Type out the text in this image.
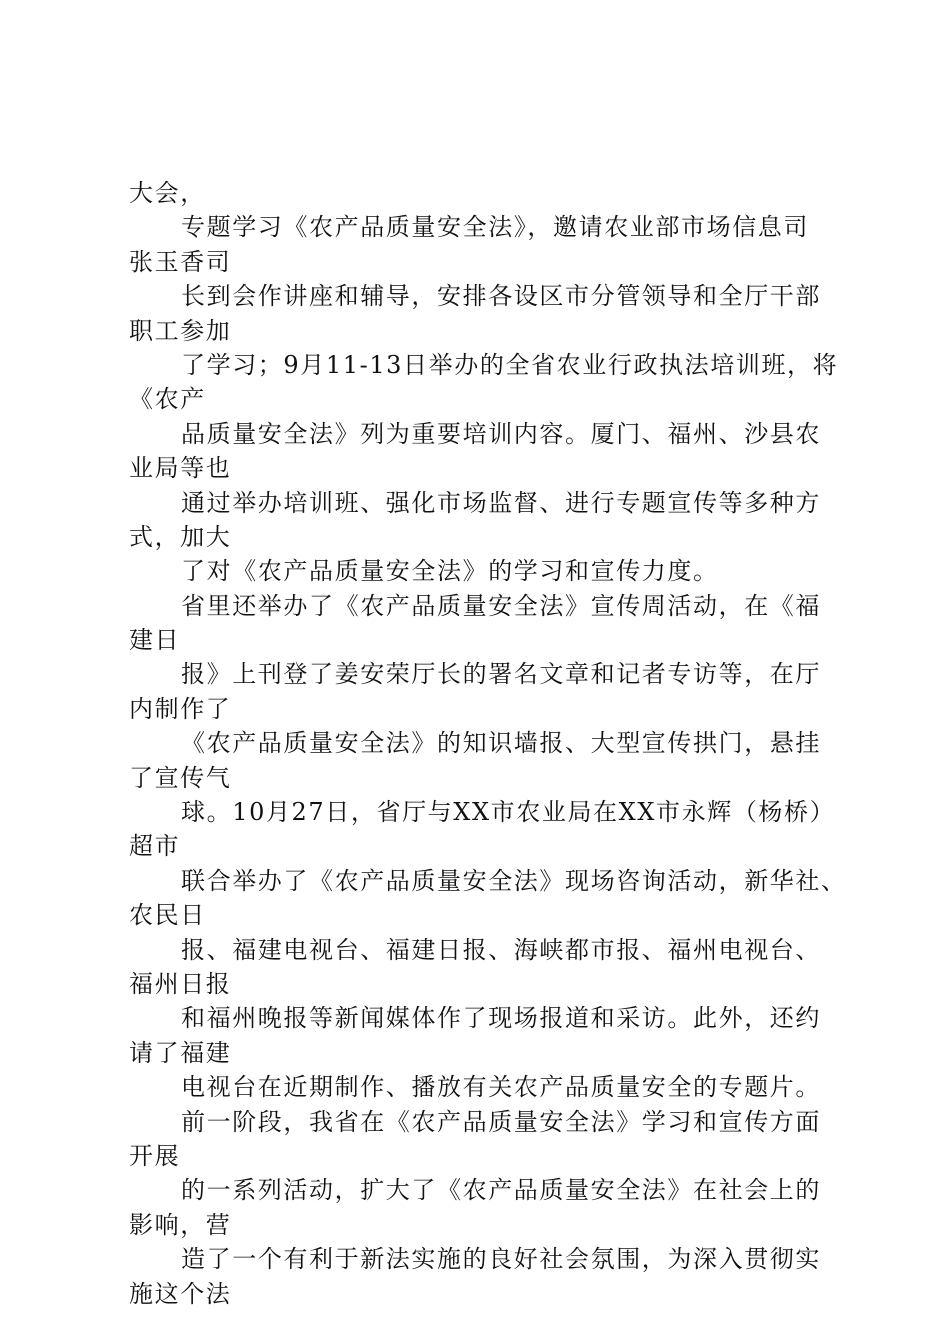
大会，
专题学习《农产品质量安全法》，邀请农业部市场信息司
张玉香司
长到会作讲座和辅导，安排各设区市分管领导和全厅干部
职工参加
了学习；9月11-13日举办的全省农业行政执法培训班，将
《农产
品质量安全法》列为重要培训内容。厦门、福州、沙县农
业局等也
通过举办培训班、强化市场监督、进行专题宣传等多种方
式，加大
了对《农产品质量安全法》的学习和宣传力度。
省里还举办了《农产品质量安全法》宣传周活动，在《福
建日
报》上刊登了姜安荣厅长的署名文章和记者专访等，在厅
内制作了
《农产品质量安全法》的知识墙报、大型宣传拱门，悬挂
了宣传气
球。10月27日，省厅与XX市农业局在XX市永辉（杨桥）
超市
联合举办了《农产品质量安全法》现场咨询活动，新华社、
农民日
报、福建电视台、福建日报、海峡都市报、福州电视台、
福州日报
和福州晚报等新闻媒体作了现场报道和采访。此外，还约
请了福建
电视台在近期制作、播放有关农产品质量安全的专题片。
前一阶段，我省在《农产品质量安全法》学习和宣传方面
开展
的一系列活动，扩大了《农产品质量安全法》在社会上的
影响，营
造了一个有利于新法实施的良好社会氛围，为深入贯彻实
施这个法
